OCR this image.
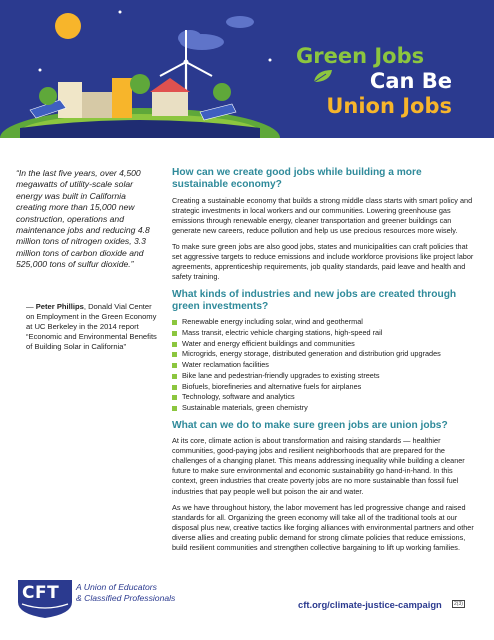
Green Jobs
Can Be
Union Jobs
“In the last five years, over 4,500 megawatts of utility-scale solar energy was built in California creating more than 15,000 new construction, operations and maintenance jobs and reducing 4.8 million tons of nitrogen oxides, 3.3 million tons of carbon dioxide and 525,000 tons of sulfur dioxide.”
— Peter Phillips, Donald Vial Center on Employment in the Green Economy at UC Berkeley in the 2014 report “Economic and Environmental Benefits of Building Solar in California”
How can we create good jobs while building a more sustainable economy?

Creating a sustainable economy that builds a strong middle class starts with smart policy and strategic investments in local workers and our communities. Lowering greenhouse gas emissions through renewable energy, cleaner transportation and greener buildings can generate new careers, reduce pollution and help us use precious resources more wisely.

To make sure green jobs are also good jobs, states and municipalities can craft policies that set aggressive targets to reduce emissions and include workforce provisions like project labor agreements, apprenticeship requirements, job quality standards, paid leave and health and safety training.

What kinds of industries and new jobs are created through green investments?
Renewable energy including solar, wind and geothermal
Mass transit, electric vehicle charging stations, high-speed rail
Water and energy efficient buildings and communities
Microgrids, energy storage, distributed generation and distribution grid upgrades
Water reclamation facilities
Bike lane and pedestrian-friendly upgrades to existing streets
Biofuels, biorefineries and alternative fuels for airplanes
Technology, software and analytics
Sustainable materials, green chemistry
What can we do to make sure green jobs are union jobs?

At its core, climate action is about transformation and raising standards — healthier communities, good-paying jobs and resilient neighborhoods that are prepared for the challenges of a changing planet. This means addressing inequality while building a cleaner future to make sure environmental and economic sustainability go hand-in-hand. In this context, green industries that create poverty jobs are no more sustainable than fossil fuel industries that pay people well but poison the air and water.

As we have throughout history, the labor movement has led progressive change and raised standards for all. Organizing the green economy will take all of the traditional tools at our disposal plus new, creative tactics like forging alliances with environmental partners and other diverse allies and creating public demand for strong climate policies that reduce emissions, build resilient communities and strengthen collective bargaining to lift up working families.

CFT A Union of Educators
& Classified Professionals
cft.org/climate-justice-campaign	2(3)
